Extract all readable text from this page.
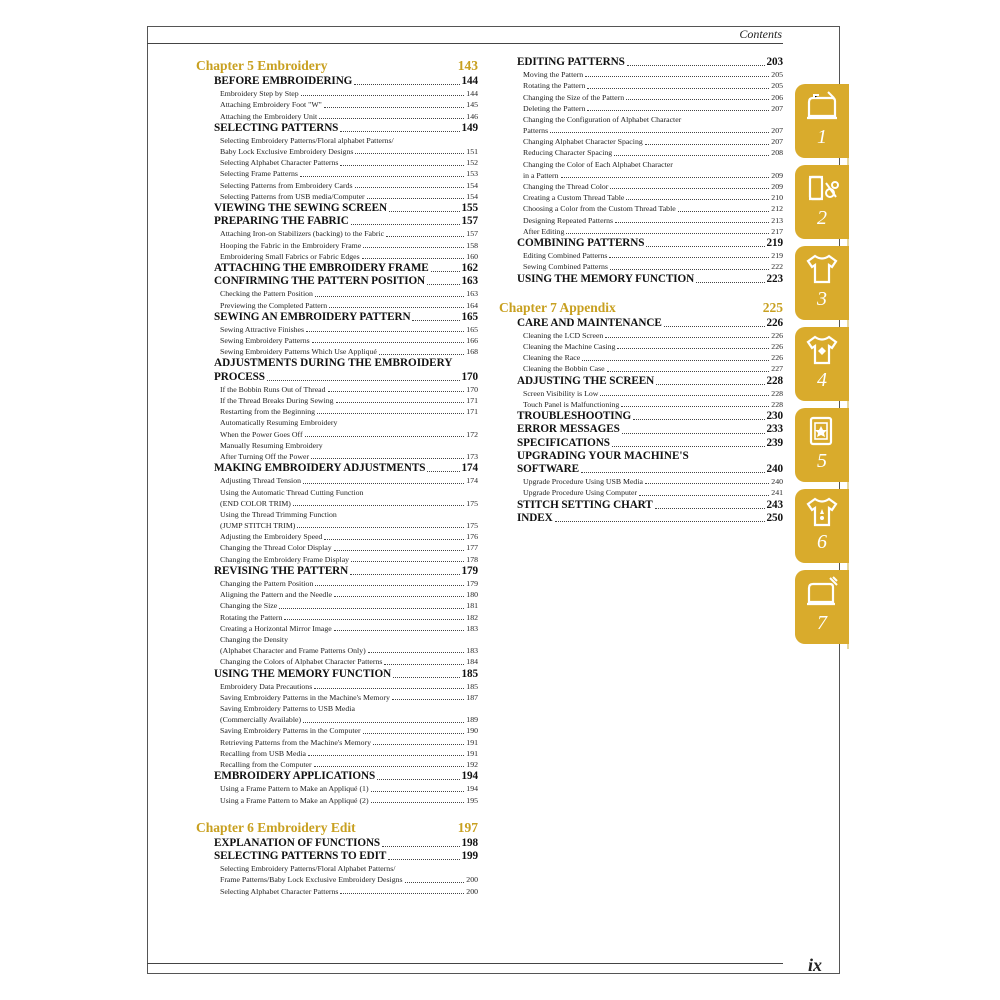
Contents
Chapter 5 Embroidery	143
BEFORE EMBROIDERING	144
Embroidery Step by Step	144
Attaching Embroidery Foot "W"	145
Attaching the Embroidery Unit	146
SELECTING PATTERNS	149
Selecting Embroidery Patterns/Floral alphabet Patterns/
Baby Lock Exclusive Embroidery Designs	151
Selecting Alphabet Character Patterns	152
Selecting Frame Patterns	153
Selecting Patterns from Embroidery Cards	154
Selecting Patterns from USB media/Computer	154
VIEWING THE SEWING SCREEN	155
PREPARING THE FABRIC	157
Attaching Iron-on Stabilizers (backing) to the Fabric	157
Hooping the Fabric in the Embroidery Frame	158
Embroidering Small Fabrics or Fabric Edges	160
ATTACHING THE EMBROIDERY FRAME	162
CONFIRMING THE PATTERN POSITION	163
Checking the Pattern Position	163
Previewing the Completed Pattern	164
SEWING AN EMBROIDERY PATTERN	165
Sewing Attractive Finishes	165
Sewing Embroidery Patterns	166
Sewing Embroidery Patterns Which Use Appliqué	168
ADJUSTMENTS DURING THE EMBROIDERY
PROCESS	170
If the Bobbin Runs Out of Thread	170
If the Thread Breaks During Sewing	171
Restarting from the Beginning	171
Automatically Resuming Embroidery
When the Power Goes Off	172
Manually Resuming Embroidery
After Turning Off the Power	173
MAKING EMBROIDERY ADJUSTMENTS	174
Adjusting Thread Tension	174
Using the Automatic Thread Cutting Function
(END COLOR TRIM)	175
Using the Thread Trimming Function
(JUMP STITCH TRIM)	175
Adjusting the Embroidery Speed	176
Changing the Thread Color Display	177
Changing the Embroidery Frame Display	178
REVISING THE PATTERN	179
Changing the Pattern Position	179
Aligning the Pattern and the Needle	180
Changing the Size	181
Rotating the Pattern	182
Creating a Horizontal Mirror Image	183
Changing the Density
(Alphabet Character and Frame Patterns Only)	183
Changing the Colors of Alphabet Character Patterns	184
USING THE MEMORY FUNCTION	185
Embroidery Data Precautions	185
Saving Embroidery Patterns in the Machine's Memory	187
Saving Embroidery Patterns to USB Media
(Commercially Available)	189
Saving Embroidery Patterns in the Computer	190
Retrieving Patterns from the Machine's Memory	191
Recalling from USB Media	191
Recalling from the Computer	192
EMBROIDERY APPLICATIONS	194
Using a Frame Pattern to Make an Appliqué (1)	194
Using a Frame Pattern to Make an Appliqué (2)	195
Chapter 6 Embroidery Edit	197
EXPLANATION OF FUNCTIONS	198
SELECTING PATTERNS TO EDIT	199
Selecting Embroidery Patterns/Floral Alphabet Patterns/
Frame Patterns/Baby Lock Exclusive Embroidery Designs	200
Selecting Alphabet Character Patterns	200
EDITING PATTERNS	203
Moving the Pattern	205
Rotating the Pattern	205
Changing the Size of the Pattern	206
Deleting the Pattern	207
Changing the Configuration of Alphabet Character
Patterns	207
Changing Alphabet Character Spacing	207
Reducing Character Spacing	208
Changing the Color of Each Alphabet Character
in a Pattern	209
Changing the Thread Color	209
Creating a Custom Thread Table	210
Choosing a Color from the Custom Thread Table	212
Designing Repeated Patterns	213
After Editing	217
COMBINING PATTERNS	219
Editing Combined Patterns	219
Sewing Combined Patterns	222
USING THE MEMORY FUNCTION	223
Chapter 7 Appendix	225
CARE AND MAINTENANCE	226
Cleaning the LCD Screen	226
Cleaning the Machine Casing	226
Cleaning the Race	226
Cleaning the Bobbin Case	227
ADJUSTING THE SCREEN	228
Screen Visibility is Low	228
Touch Panel is Malfunctioning	228
TROUBLESHOOTING	230
ERROR MESSAGES	233
SPECIFICATIONS	239
UPGRADING YOUR MACHINE'S
SOFTWARE	240
Upgrade Procedure Using USB Media	240
Upgrade Procedure Using Computer	241
STITCH SETTING CHART	243
INDEX	250
1
2
3
4
5
6
7
ix
